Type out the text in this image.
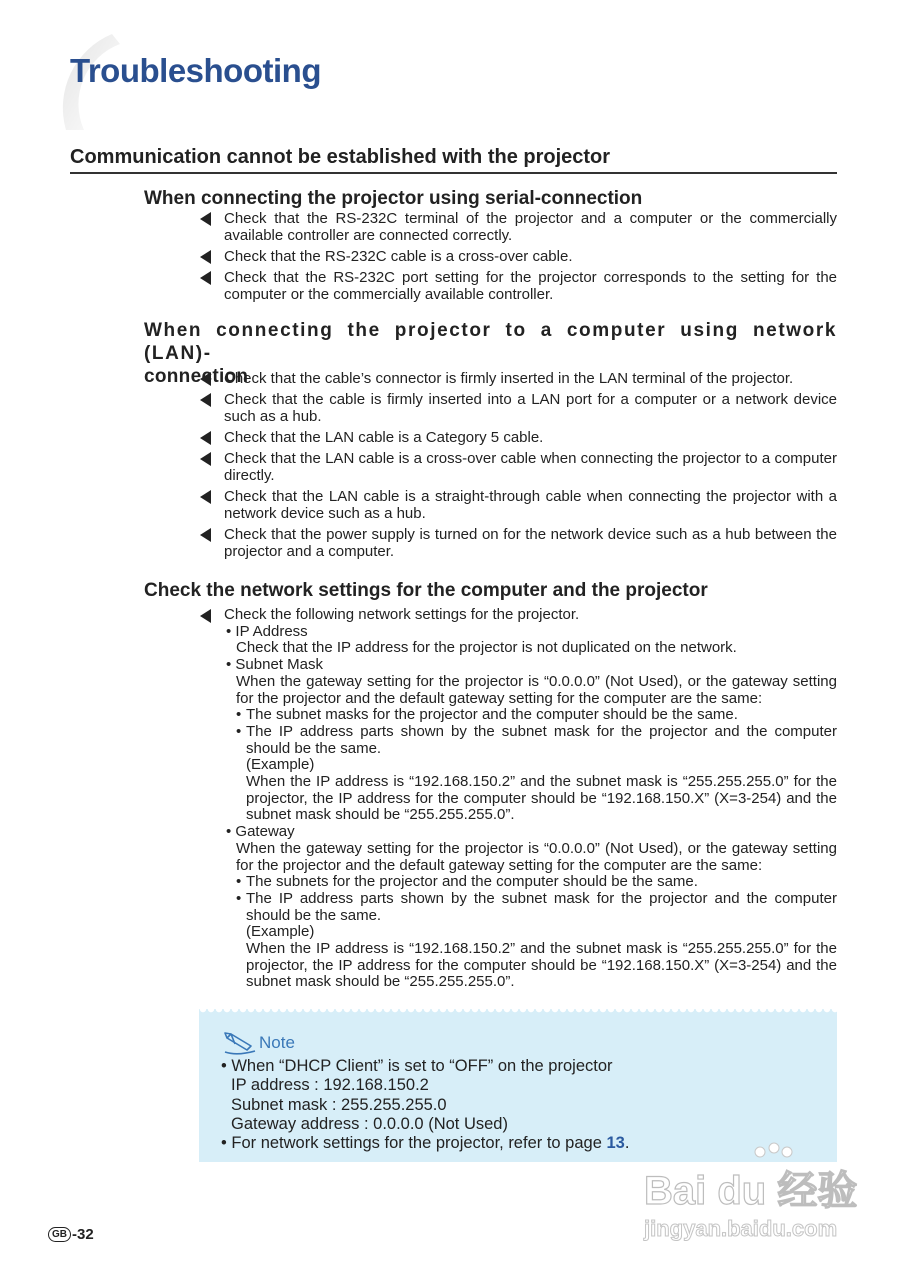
Troubleshooting
Communication cannot be established with the projector
When connecting the projector using serial-connection
Check that the RS-232C terminal of the projector and a computer or the commercially available controller are connected correctly.
Check that the RS-232C cable is a cross-over cable.
Check that the RS-232C port setting for the projector corresponds to the setting for the computer or the commercially available controller.
When connecting the projector to a computer using network (LAN)-
connection
Check that the cable’s connector is firmly inserted in the LAN terminal of the projector.
Check that the cable is firmly inserted into a LAN port for a computer or a network device such as a hub.
Check that the LAN cable is a Category 5 cable.
Check that the LAN cable is a cross-over cable when connecting the projector to a computer directly.
Check that the LAN cable is a straight-through cable when connecting the projector with a network device such as a hub.
Check that the power supply is turned on for the network device such as a hub between the projector and a computer.
Check the network settings for the computer and the projector
Check the following network settings for the projector.
• IP Address
Check that the IP address for the projector is not duplicated on the network.
• Subnet Mask
When the gateway setting for the projector is “0.0.0.0” (Not Used), or the gateway setting for the projector and the default gateway setting for the computer are the same:
• The subnet masks for the projector and the computer should be the same.
• The IP address parts shown by the subnet mask for the projector and the computer should be the same.
(Example)
When the IP address is “192.168.150.2” and the subnet mask is “255.255.255.0” for the projector, the IP address for the computer should be “192.168.150.X” (X=3-254) and the subnet mask should be “255.255.255.0”.
• Gateway
When the gateway setting for the projector is “0.0.0.0” (Not Used), or the gateway setting for the projector and the default gateway setting for the computer are the same:
• The subnets for the projector and the computer should be the same.
• The IP address parts shown by the subnet mask for the projector and the computer should be the same.
(Example)
When the IP address is “192.168.150.2” and the subnet mask is “255.255.255.0” for the projector, the IP address for the computer should be “192.168.150.X” (X=3-254) and the subnet mask should be “255.255.255.0”.
Note
• When “DHCP Client” is set to “OFF” on the projector
IP address : 192.168.150.2
Subnet mask : 255.255.255.0
Gateway address : 0.0.0.0 (Not Used)
• For network settings for the projector, refer to page 13.
GB -32
Bai du 经验
jingyan.baidu.com
